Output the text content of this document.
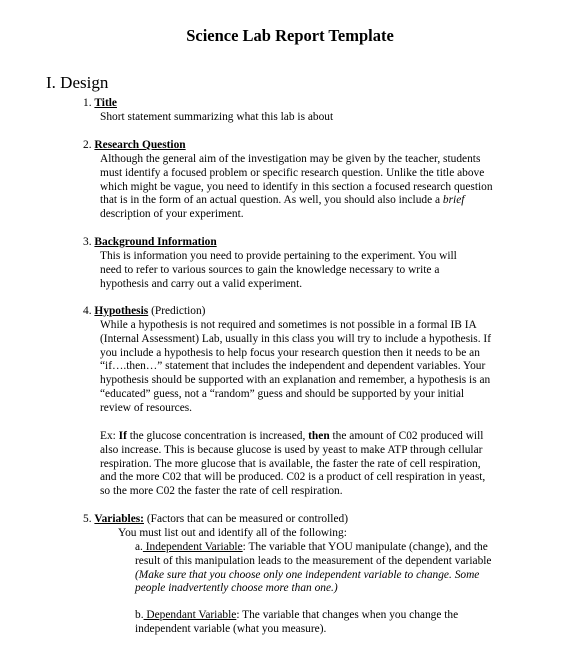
Science Lab Report Template
I. Design
1. Title
Short statement summarizing what this lab is about
2. Research Question
Although the general aim of the investigation may be given by the teacher, students
must identify a focused problem or specific research question. Unlike the title above
which might be vague, you need to identify in this section a focused research question
that is in the form of an actual question. As well, you should also include a brief
description of your experiment.
3. Background Information
This is information you need to provide pertaining to the experiment. You will
need to refer to various sources to gain the knowledge necessary to write a
hypothesis and carry out a valid experiment.
4. Hypothesis (Prediction)
While a hypothesis is not required and sometimes is not possible in a formal IB IA
(Internal Assessment) Lab, usually in this class you will try to include a hypothesis. If
you include a hypothesis to help focus your research question then it needs to be an
“if….then…” statement that includes the independent and dependent variables. Your
hypothesis should be supported with an explanation and remember, a hypothesis is an
“educated” guess, not a “random” guess and should be supported by your initial
review of resources.
Ex: If the glucose concentration is increased, then the amount of C02 produced will
also increase. This is because glucose is used by yeast to make ATP through cellular
respiration. The more glucose that is available, the faster the rate of cell respiration,
and the more C02 that will be produced. C02 is a product of cell respiration in yeast,
so the more C02 the faster the rate of cell respiration.
5. Variables: (Factors that can be measured or controlled)
You must list out and identify all of the following:
a. Independent Variable: The variable that YOU manipulate (change), and the
result of this manipulation leads to the measurement of the dependent variable
(Make sure that you choose only one independent variable to change. Some
people inadvertently choose more than one.)
b. Dependant Variable: The variable that changes when you change the
independent variable (what you measure).
